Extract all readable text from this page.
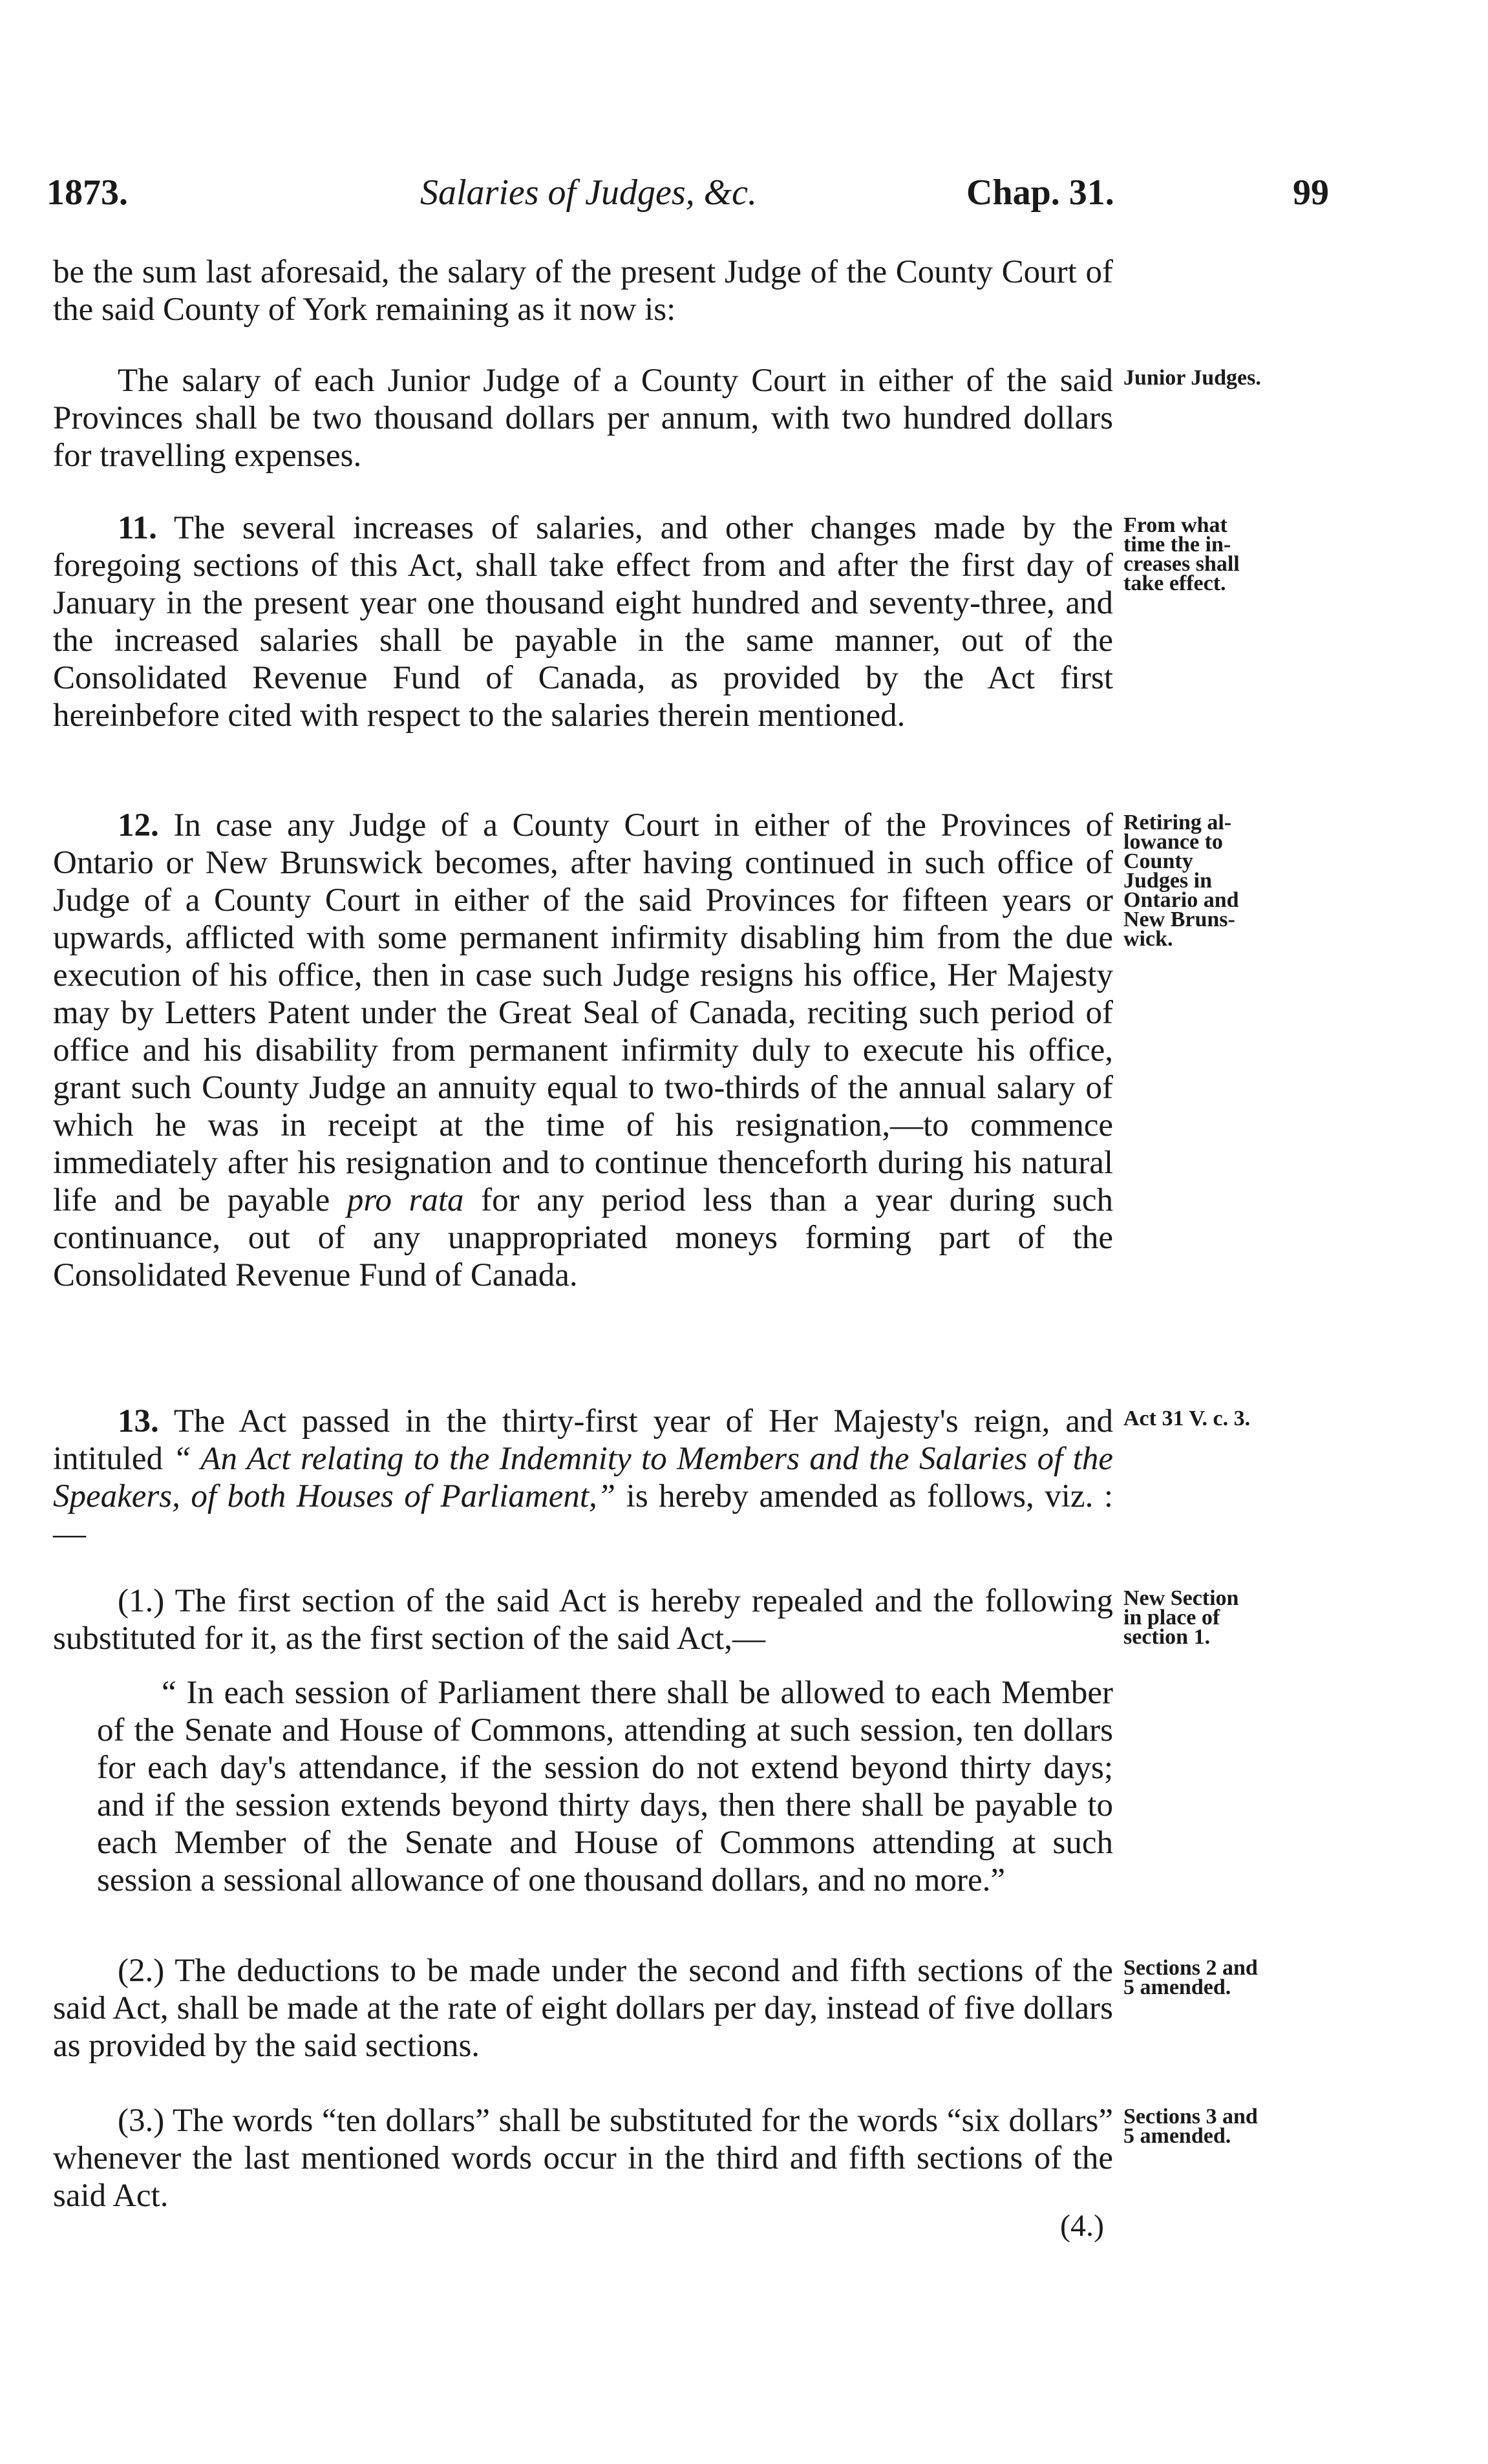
1873.	Salaries of Judges, &c.	Chap. 31.	99

be the sum last aforesaid, the salary of the present Judge of the County Court of the said County of York remaining as it now is:

The salary of each Junior Judge of a County Court in either of the said Provinces shall be two thousand dollars per annum, with two hundred dollars for travelling expenses.

Junior Judges.

11. The several increases of salaries, and other changes made by the foregoing sections of this Act, shall take effect from and after the first day of January in the present year one thousand eight hundred and seventy-three, and the increased salaries shall be payable in the same manner, out of the Consolidated Revenue Fund of Canada, as provided by the Act first hereinbefore cited with respect to the salaries therein mentioned.

From what
time the in-
creases shall
take effect.

12. In case any Judge of a County Court in either of the Provinces of Ontario or New Brunswick becomes, after having continued in such office of Judge of a County Court in either of the said Provinces for fifteen years or upwards, afflicted with some permanent infirmity disabling him from the due execution of his office, then in case such Judge resigns his office, Her Majesty may by Letters Patent under the Great Seal of Canada, reciting such period of office and his disability from permanent infirmity duly to execute his office, grant such County Judge an annuity equal to two-thirds of the annual salary of which he was in receipt at the time of his resignation,—to commence immediately after his resignation and to continue thenceforth during his natural life and be payable pro rata for any period less than a year during such continuance, out of any unappropriated moneys forming part of the Consolidated Revenue Fund of Canada.

Retiring al-
lowance to
County
Judges in
Ontario and
New Bruns-
wick.

13. The Act passed in the thirty-first year of Her Majesty's reign, and intituled “ An Act relating to the Indemnity to Members and the Salaries of the Speakers, of both Houses of Parliament,” is hereby amended as follows, viz. :—

Act 31 V. c. 3.

(1.) The first section of the said Act is hereby repealed and the following substituted for it, as the first section of the said Act,—

New Section
in place of
section 1.

“ In each session of Parliament there shall be allowed to each Member of the Senate and House of Commons, attending at such session, ten dollars for each day's attendance, if the session do not extend beyond thirty days; and if the session extends beyond thirty days, then there shall be payable to each Member of the Senate and House of Commons attending at such session a sessional allowance of one thousand dollars, and no more.”

(2.) The deductions to be made under the second and fifth sections of the said Act, shall be made at the rate of eight dollars per day, instead of five dollars as provided by the said sections.

Sections 2 and
5 amended.

(3.) The words “ten dollars” shall be substituted for the words “six dollars” whenever the last mentioned words occur in the third and fifth sections of the said Act.

Sections 3 and
5 amended.
(4.)
